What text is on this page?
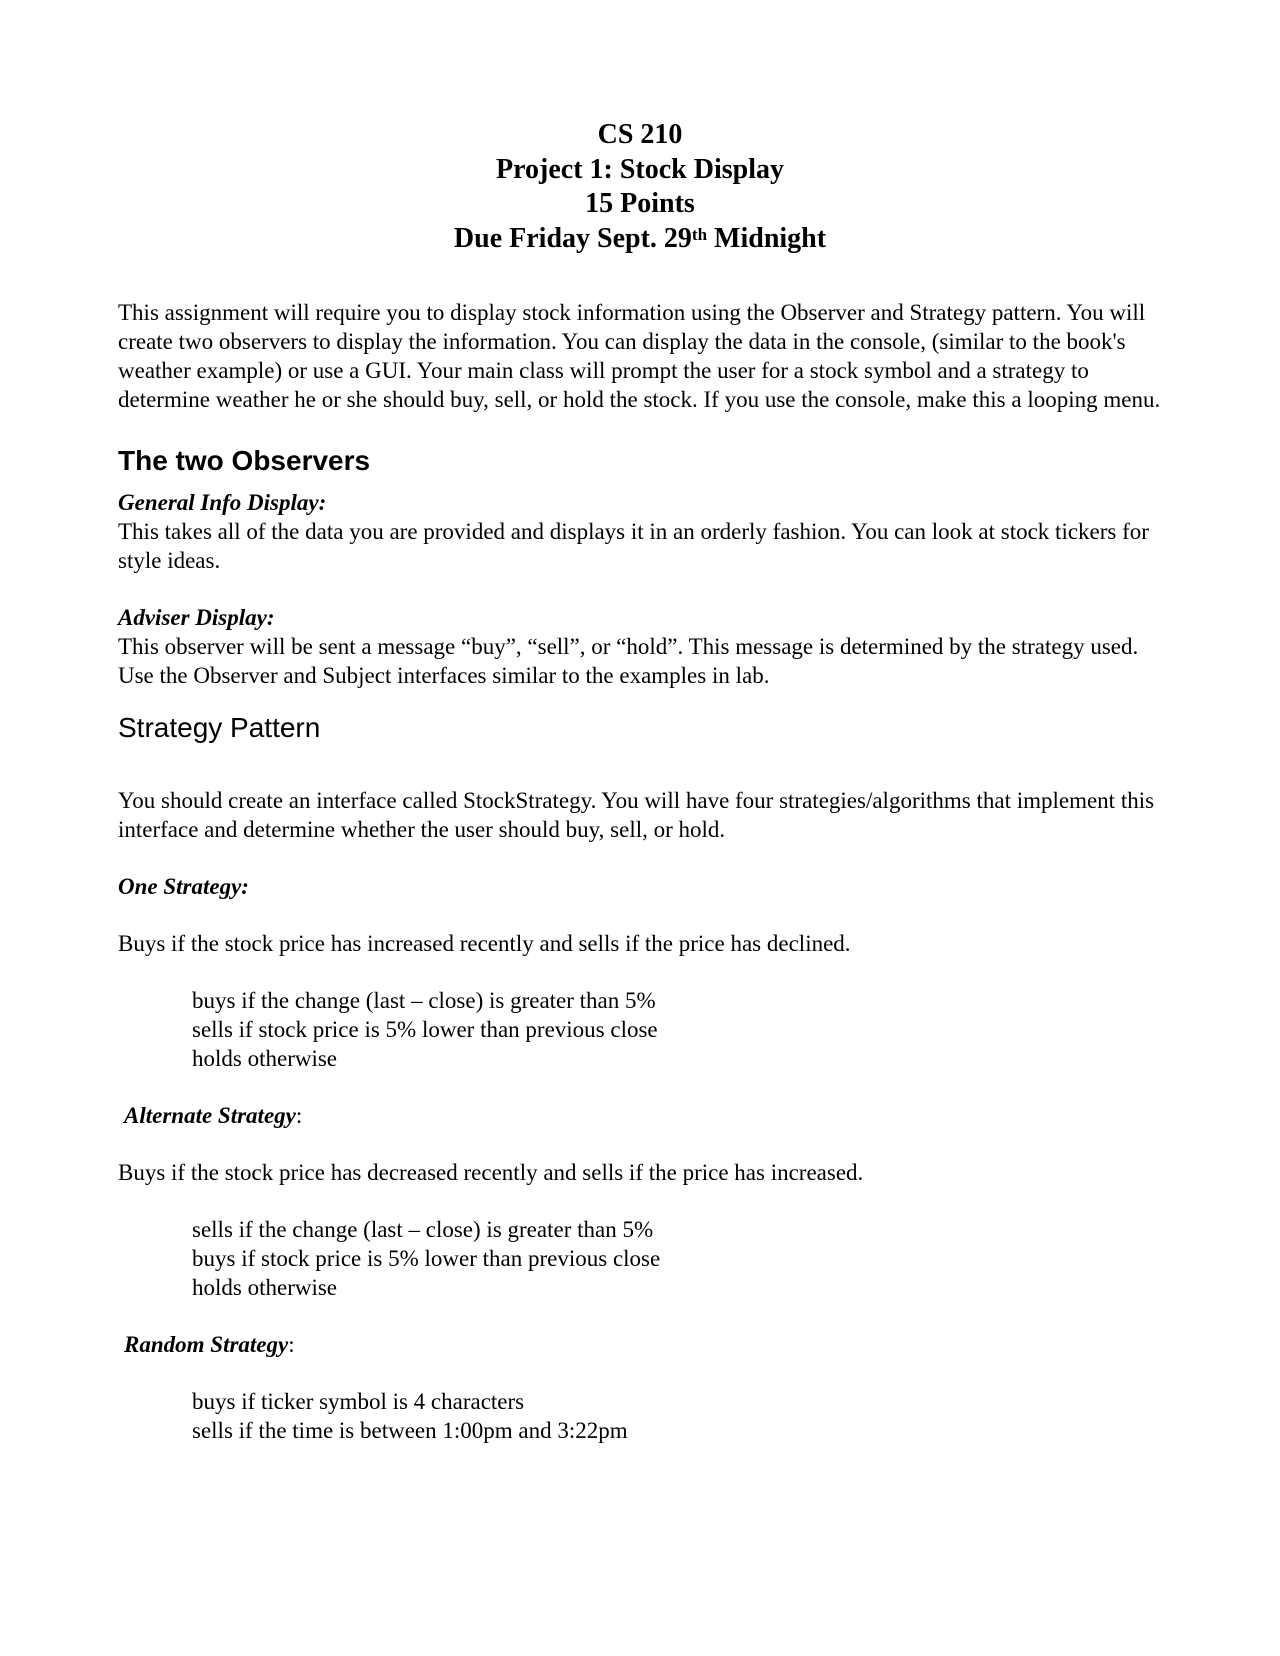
CS 210
Project 1: Stock Display
15 Points
Due Friday Sept. 29th Midnight

This assignment will require you to display stock information using the Observer and Strategy pattern. You will create two observers to display the information. You can display the data in the console, (similar to the book's weather example) or use a GUI. Your main class will prompt the user for a stock symbol and a strategy to determine weather he or she should buy, sell, or hold the stock. If you use the console, make this a looping menu.

The two Observers

General Info Display:

This takes all of the data you are provided and displays it in an orderly fashion. You can look at stock tickers for style ideas.

Adviser Display:

This observer will be sent a message “buy”, “sell”, or “hold”. This message is determined by the strategy used.

Use the Observer and Subject interfaces similar to the examples in lab.

Strategy Pattern

You should create an interface called StockStrategy. You will have four strategies/algorithms that implement this interface and determine whether the user should buy, sell, or hold.

One Strategy:

Buys if the stock price has increased recently and sells if the price has declined.

buys if the change (last – close) is greater than 5%
sells if stock price is 5% lower than previous close
holds otherwise

Alternate Strategy:

Buys if the stock price has decreased recently and sells if the price has increased.

sells if the change (last – close) is greater than 5%
buys if stock price is 5% lower than previous close
holds otherwise

Random Strategy:

buys if ticker symbol is 4 characters
sells if the time is between 1:00pm and 3:22pm
